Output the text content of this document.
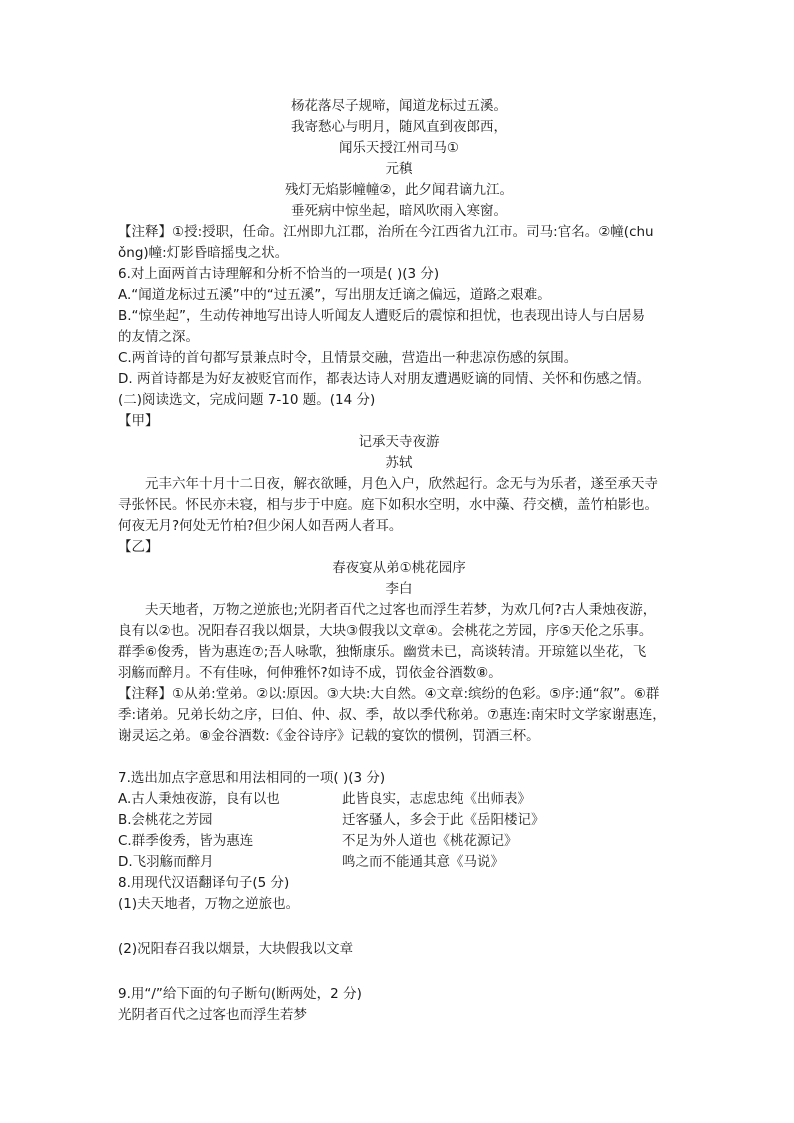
杨花落尽子规啼，闻道龙标过五溪。
我寄愁心与明月，随风直到夜郎西，
闻乐天授江州司马①
元稹
残灯无焰影幢幢②，此夕闻君谪九江。
垂死病中惊坐起，暗风吹雨入寒窗。
【注释】①授:授职，任命。江州即九江郡，治所在今江西省九江市。司马:官名。②幢(chu
ǒng)幢:灯影昏暗摇曳之状。
6.对上面两首古诗理解和分析不恰当的一项是( )(3 分)
A.“闻道龙标过五溪”中的“过五溪”，写出朋友迁谪之偏远，道路之艰难。
B.“惊坐起”，生动传神地写出诗人听闻友人遭贬后的震惊和担忧，也表现出诗人与白居易
的友情之深。
C.两首诗的首句都写景兼点时令，且情景交融，营造出一种悲凉伤感的氛围。
D. 两首诗都是为好友被贬官而作，都表达诗人对朋友遭遇贬谪的同情、关怀和伤感之情。
(二)阅读选文，完成问题 7-10 题。(14 分)
【甲】
记承天寺夜游
苏轼
元丰六年十月十二日夜，解衣欲睡，月色入户，欣然起行。念无与为乐者，遂至承天寺
寻张怀民。怀民亦未寝，相与步于中庭。庭下如积水空明，水中藻、荇交横，盖竹柏影也。
何夜无月?何处无竹柏?但少闲人如吾两人者耳。
【乙】
春夜宴从弟①桃花园序
李白
夫天地者，万物之逆旅也;光阴者百代之过客也而浮生若梦，为欢几何?古人秉烛夜游，
良有以②也。况阳春召我以烟景，大块③假我以文章④。会桃花之芳园，序⑤天伦之乐事。
群季⑥俊秀，皆为惠连⑦;吾人咏歌，独惭康乐。幽赏未已，高谈转清。开琼筵以坐花，飞
羽觞而醉月。不有佳咏，何伸雅怀?如诗不成，罚依金谷酒数⑧。
【注释】①从弟:堂弟。②以:原因。③大块:大自然。④文章:缤纷的色彩。⑤序:通“叙”。⑥群
季:诸弟。兄弟长幼之序，曰伯、仲、叔、季，故以季代称弟。⑦惠连:南宋时文学家谢惠连，
谢灵运之弟。⑧金谷酒数:《金谷诗序》记载的宴饮的惯例，罚酒三杯。
7.选出加点字意思和用法相同的一项( )(3 分)
A.古人秉烛夜游，良有以也	此皆良实，志虑忠纯《出师表》
B.会桃花之芳园	迁客骚人，多会于此《岳阳楼记》
C.群季俊秀，皆为惠连	不足为外人道也《桃花源记》
D.飞羽觞而醉月	鸣之而不能通其意《马说》
8.用现代汉语翻译句子(5 分)
(1)夫天地者，万物之逆旅也。
(2)况阳春召我以烟景，大块假我以文章
9.用“/”给下面的句子断句(断两处，2 分)
光阴者百代之过客也而浮生若梦
